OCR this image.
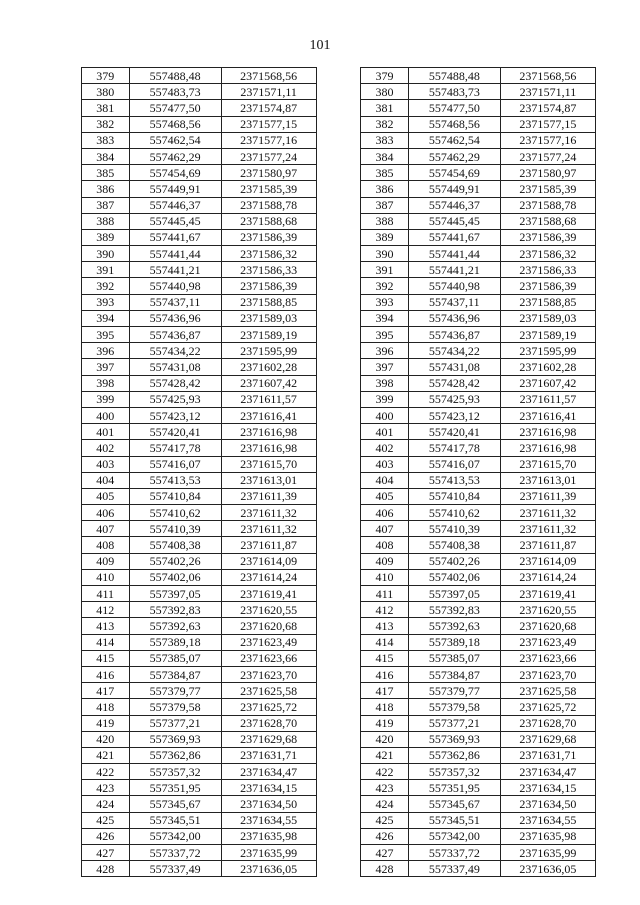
101
379	557488,48	2371568,56		379	557488,48	2371568,56
380	557483,73	2371571,11		380	557483,73	2371571,11
381	557477,50	2371574,87		381	557477,50	2371574,87
382	557468,56	2371577,15		382	557468,56	2371577,15
383	557462,54	2371577,16		383	557462,54	2371577,16
384	557462,29	2371577,24		384	557462,29	2371577,24
385	557454,69	2371580,97		385	557454,69	2371580,97
386	557449,91	2371585,39		386	557449,91	2371585,39
387	557446,37	2371588,78		387	557446,37	2371588,78
388	557445,45	2371588,68		388	557445,45	2371588,68
389	557441,67	2371586,39		389	557441,67	2371586,39
390	557441,44	2371586,32		390	557441,44	2371586,32
391	557441,21	2371586,33		391	557441,21	2371586,33
392	557440,98	2371586,39		392	557440,98	2371586,39
393	557437,11	2371588,85		393	557437,11	2371588,85
394	557436,96	2371589,03		394	557436,96	2371589,03
395	557436,87	2371589,19		395	557436,87	2371589,19
396	557434,22	2371595,99		396	557434,22	2371595,99
397	557431,08	2371602,28		397	557431,08	2371602,28
398	557428,42	2371607,42		398	557428,42	2371607,42
399	557425,93	2371611,57		399	557425,93	2371611,57
400	557423,12	2371616,41		400	557423,12	2371616,41
401	557420,41	2371616,98		401	557420,41	2371616,98
402	557417,78	2371616,98		402	557417,78	2371616,98
403	557416,07	2371615,70		403	557416,07	2371615,70
404	557413,53	2371613,01		404	557413,53	2371613,01
405	557410,84	2371611,39		405	557410,84	2371611,39
406	557410,62	2371611,32		406	557410,62	2371611,32
407	557410,39	2371611,32		407	557410,39	2371611,32
408	557408,38	2371611,87		408	557408,38	2371611,87
409	557402,26	2371614,09		409	557402,26	2371614,09
410	557402,06	2371614,24		410	557402,06	2371614,24
411	557397,05	2371619,41		411	557397,05	2371619,41
412	557392,83	2371620,55		412	557392,83	2371620,55
413	557392,63	2371620,68		413	557392,63	2371620,68
414	557389,18	2371623,49		414	557389,18	2371623,49
415	557385,07	2371623,66		415	557385,07	2371623,66
416	557384,87	2371623,70		416	557384,87	2371623,70
417	557379,77	2371625,58		417	557379,77	2371625,58
418	557379,58	2371625,72		418	557379,58	2371625,72
419	557377,21	2371628,70		419	557377,21	2371628,70
420	557369,93	2371629,68		420	557369,93	2371629,68
421	557362,86	2371631,71		421	557362,86	2371631,71
422	557357,32	2371634,47		422	557357,32	2371634,47
423	557351,95	2371634,15		423	557351,95	2371634,15
424	557345,67	2371634,50		424	557345,67	2371634,50
425	557345,51	2371634,55		425	557345,51	2371634,55
426	557342,00	2371635,98		426	557342,00	2371635,98
427	557337,72	2371635,99		427	557337,72	2371635,99
428	557337,49	2371636,05		428	557337,49	2371636,05
